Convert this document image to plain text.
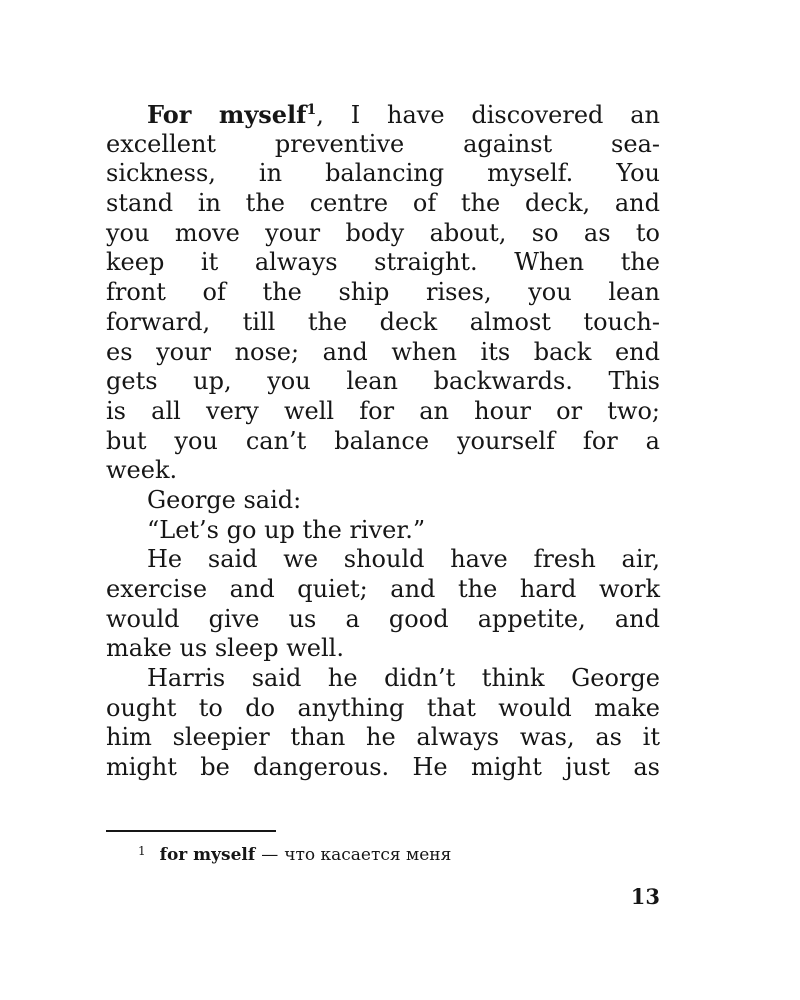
For myself$^1$, I have discovered an
excellent preventive against sea-
sickness, in balancing myself. You
stand in the centre of the deck, and
you move your body about, so as to
keep it always straight. When the
front of the ship rises, you lean
forward, till the deck almost touch-
es your nose; and when its back end
gets up, you lean backwards. This
is all very well for an hour or two;
but you can’t balance yourself for a
week.
George said:
“Let’s go up the river.”
He said we should have fresh air,
exercise and quiet; and the hard work
would give us a good appetite, and
make us sleep well.
Harris said he didn’t think George
ought to do anything that would make
him sleepier than he always was, as it
might be dangerous. He might just as
$^1$ for myself — что касается меня
13
